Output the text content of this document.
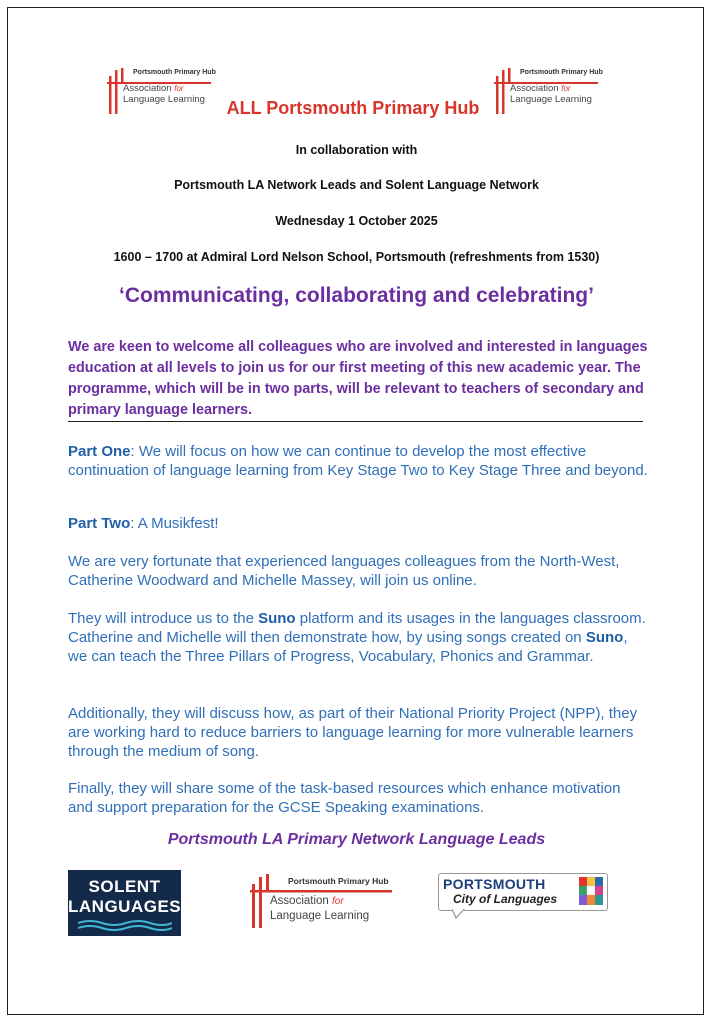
Portsmouth Primary Hub
Association for
Language Learning	ALL Portsmouth Primary Hub
Portsmouth Primary Hub
Association for
Language Learning
In collaboration with
Portsmouth LA Network Leads and Solent Language Network
Wednesday 1 October 2025
1600 – 1700 at Admiral Lord Nelson School, Portsmouth (refreshments from 1530)
‘Communicating, collaborating and celebrating’
We are keen to welcome all colleagues who are involved and interested in languages education at all levels to join us for our first meeting of this new academic year. The programme, which will be in two parts, will be relevant to teachers of secondary and primary language learners.
Part One: We will focus on how we can continue to develop the most effective continuation of language learning from Key Stage Two to Key Stage Three and beyond.
Part Two: A Musikfest!
We are very fortunate that experienced languages colleagues from the North-West, Catherine Woodward and Michelle Massey, will join us online.
They will introduce us to the Suno platform and its usages in the languages classroom. Catherine and Michelle will then demonstrate how, by using songs created on Suno, we can teach the Three Pillars of Progress, Vocabulary, Phonics and Grammar.
Additionally, they will discuss how, as part of their National Priority Project (NPP), they are working hard to reduce barriers to language learning for more vulnerable learners through the medium of song.
Finally, they will share some of the task-based resources which enhance motivation and support preparation for the GCSE Speaking examinations.
Portsmouth LA Primary Network Language Leads
SOLENT
LANGUAGES
Portsmouth Primary Hub
Association for
Language Learning
PORTSMOUTH
City of Languages
